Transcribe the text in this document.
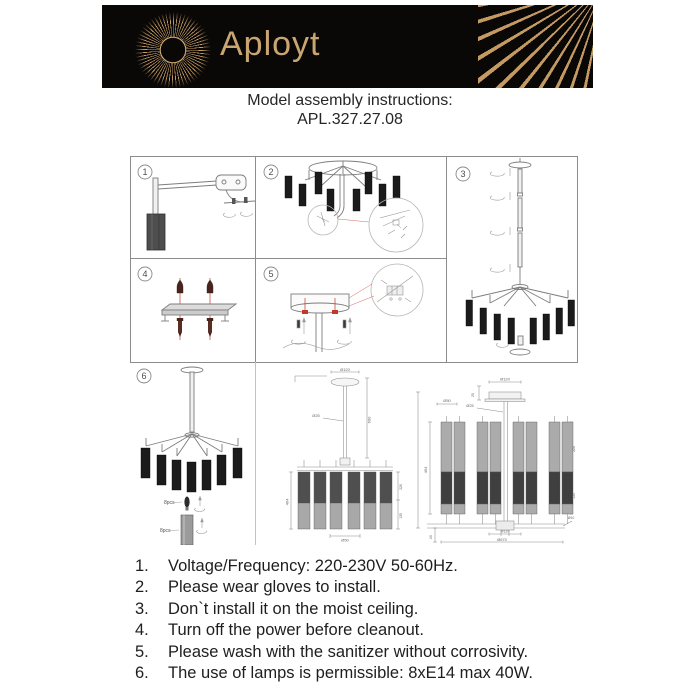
Aployt
Model assembly instructions:
APL.327.27.08
1	2	3
4	5
6
8pcs
8pcs
Ø120
Ø25
600
464
226
135
Ø50
Ø120
25
Ø50
Ø25
464
226
135
Ø10
Ø120
Ø670
20
1.	Voltage/Frequency: 220-230V 50-60Hz.
2.	Please wear gloves to install.
3.	Don`t install it on the moist ceiling.
4.	Turn off the power before cleanout.
5.	Please wash with the sanitizer without corrosivity.
6.	The use of lamps is permissible: 8xE14 max 40W.
